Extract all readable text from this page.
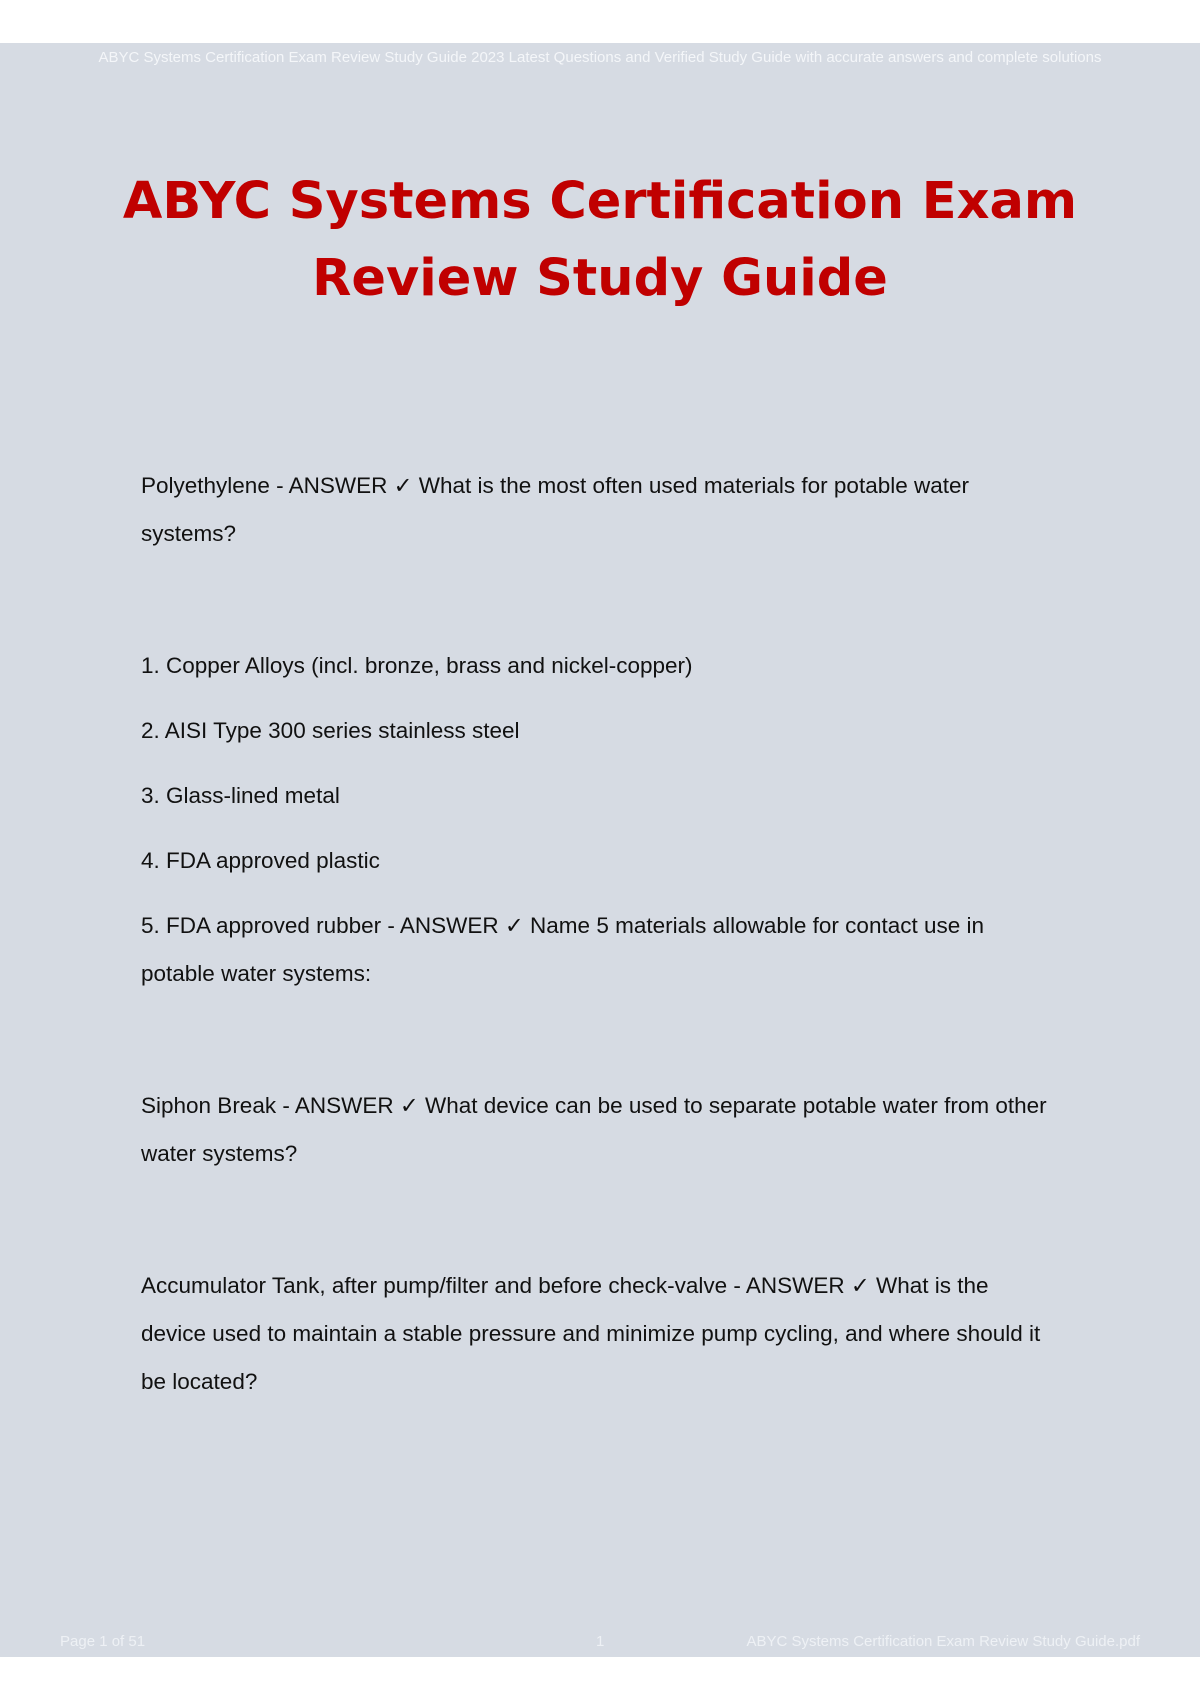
ABYC Systems Certification Exam Review Study Guide 2023 Latest Questions and Verified Study Guide with accurate answers and complete solutions
ABYC Systems Certification Exam
Review Study Guide

Polyethylene - ANSWER ✓ What is the most often used materials for potable water systems?

1. Copper Alloys (incl. bronze, brass and nickel-copper)

2. AISI Type 300 series stainless steel

3. Glass-lined metal

4. FDA approved plastic

5. FDA approved rubber - ANSWER ✓ Name 5 materials allowable for contact use in potable water systems:

Siphon Break - ANSWER ✓ What device can be used to separate potable water from other water systems?

Accumulator Tank, after pump/filter and before check-valve - ANSWER ✓ What is the device used to maintain a stable pressure and minimize pump cycling, and where should it be located?

Page 1 of 51	1	ABYC Systems Certification Exam Review Study Guide.pdf
